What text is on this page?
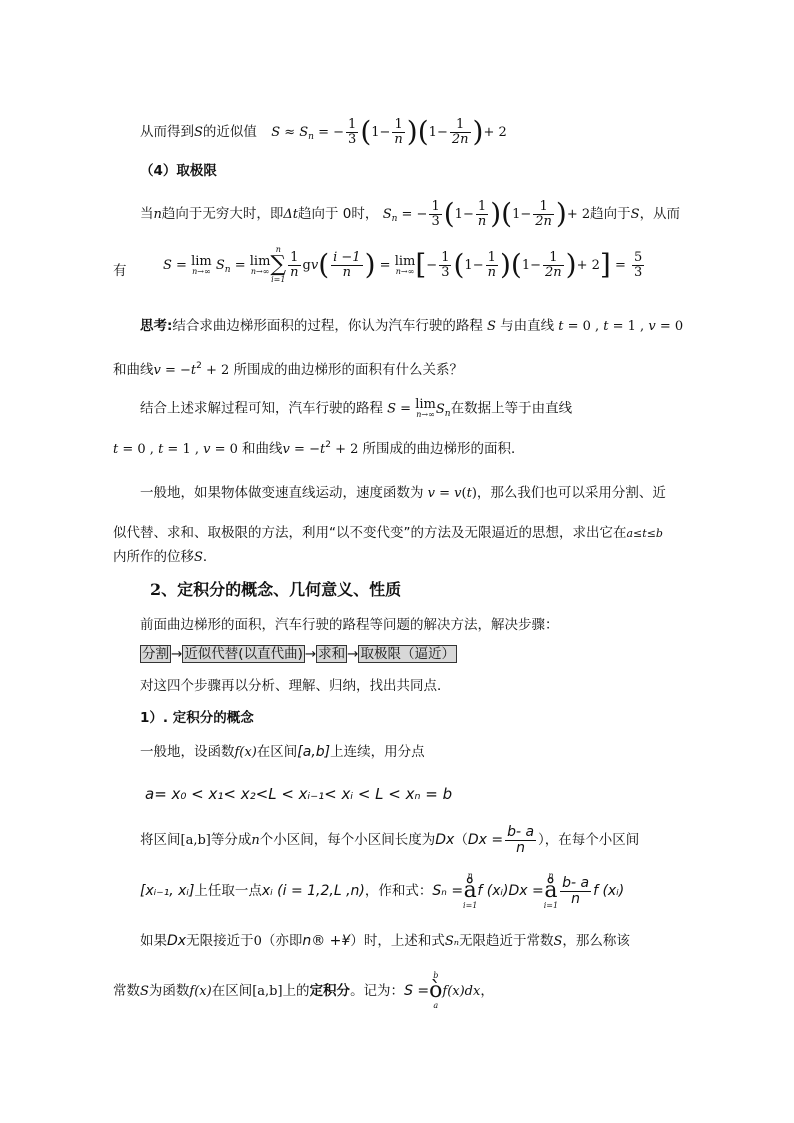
从而得到S的近似值 $S \approx S_n$ = − $\frac{1}{3} (1- \frac{1}{n} )(1- \frac{1}{2n}$ )+ 2
（4）取极限
当n趋向于无穷大时，即Δt趋向于 0时， $S_n$ = − $\frac{1}{3} (1- \frac{1}{n} )(1- \frac{1}{2n}$ )+ 2趋向于S，从而
有	S = lim
n→∞ $S_n = \lim$
n→∞
n
∑
i=1
$\frac{1}{n} gv( \frac{i -1}{n}$ ) = lim
n→∞ [− $\frac{1}{3} (1- \frac{1}{n} )(1- \frac{1}{2n}$ )+ $2] = \frac{5}{3}$
思考:结合求曲边梯形面积的过程，你认为汽车行驶的路程 S 与由直线 t = 0 , t = 1 , v = 0
和曲线$v = -t^2 + 2$ 所围成的曲边梯形的面积有什么关系？
结合上述求解过程可知，汽车行驶的路程 S = lim
n→∞ $S_n$在数据上等于由直线
t = 0 , t = 1 , v = 0 和曲线$v = -t^2 + 2$ 所围成的曲边梯形的面积．
一般地，如果物体做变速直线运动，速度函数为 v = v(t)，那么我们也可以采用分割、近
似代替、求和、取极限的方法，利用“以不变代变”的方法及无限逼近的思想，求出它在a≤t≤b
内所作的位移S．
2、定积分的概念、几何意义、性质
前面曲边梯形的面积，汽车行驶的路程等问题的解决方法，解决步骤：
分割 → 近似代替(以直代曲) → 求和 → 取极限（逼近）
对这四个步骤再以分析、理解、归纳，找出共同点．
1）. 定积分的概念
一般地，设函数f(x)在区间[a,b]上连续，用分点
a= x₀ < x₁< x₂<L < xᵢ₋₁< xᵢ < L < xₙ = b
将区间[a,b]等分成n个小区间，每个小区间长度为$Dx(Dx = \frac{b- a}{n}$ ），在每个小区间
[xᵢ₋₁, xᵢ]上任取一点xᵢ (i = 1,2,L ,n)，作和式：Sₙ =
n
å
i=1
f (xᵢ)Dx =
n
å
$i=1 \frac{b- a}{n}$ f (xᵢ)
如果Dx无限接近于0（亦即n® +¥）时，上述和式Sₙ无限趋近于常数S，那么称该
常数S为函数f(x)在区间[a,b]上的定积分。记为：S =
b
ò
a
f(x)dx，
